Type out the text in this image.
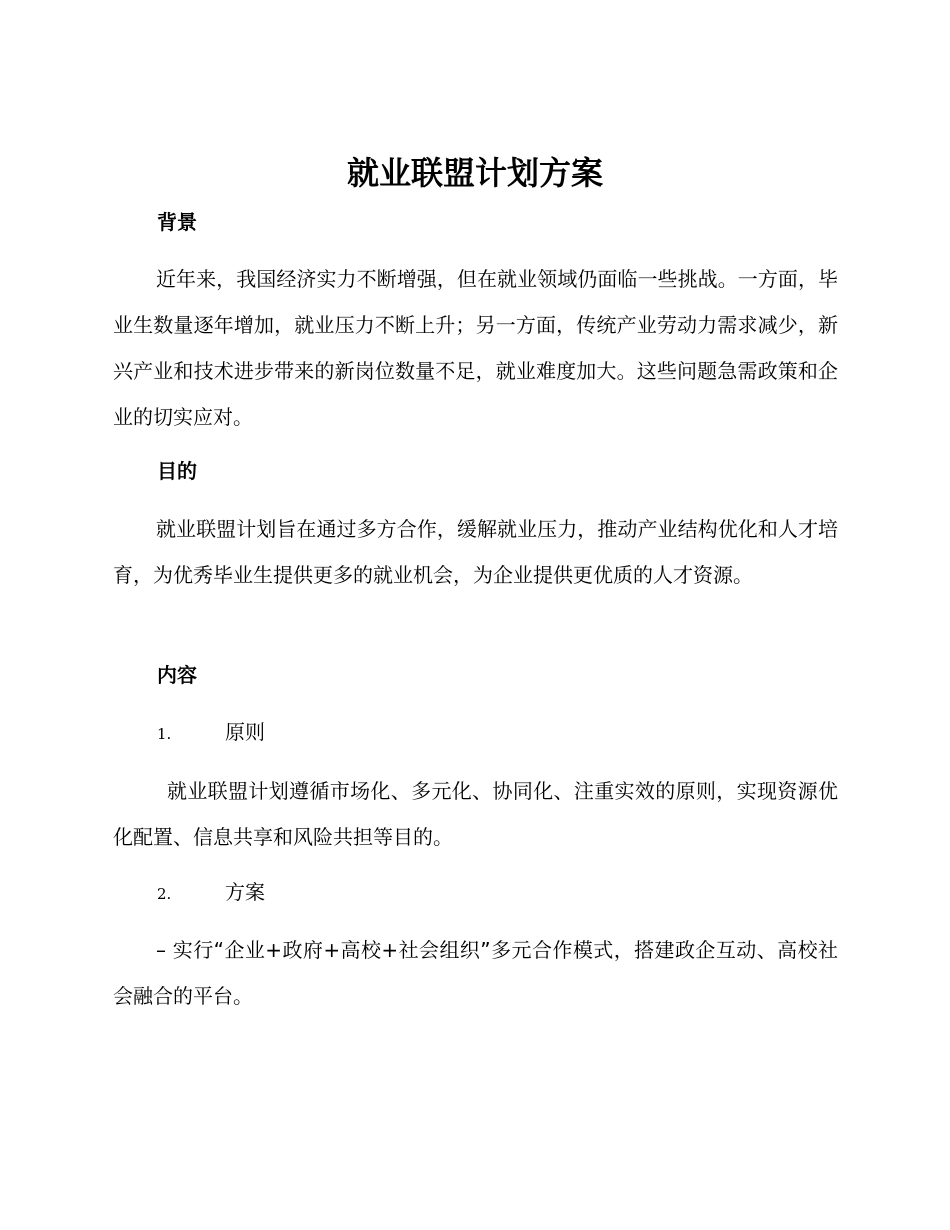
就业联盟计划方案
背景

近年来，我国经济实力不断增强，但在就业领域仍面临一些挑战。一方面，毕业生数量逐年增加，就业压力不断上升；另一方面，传统产业劳动力需求减少，新兴产业和技术进步带来的新岗位数量不足，就业难度加大。这些问题急需政策和企业的切实应对。

目的

就业联盟计划旨在通过多方合作，缓解就业压力，推动产业结构优化和人才培育，为优秀毕业生提供更多的就业机会，为企业提供更优质的人才资源。

内容
1.	原则

就业联盟计划遵循市场化、多元化、协同化、注重实效的原则，实现资源优化配置、信息共享和风险共担等目的。

2.	方案

– 实行“企业+政府+高校+社会组织”多元合作模式，搭建政企互动、高校社会融合的平台。
